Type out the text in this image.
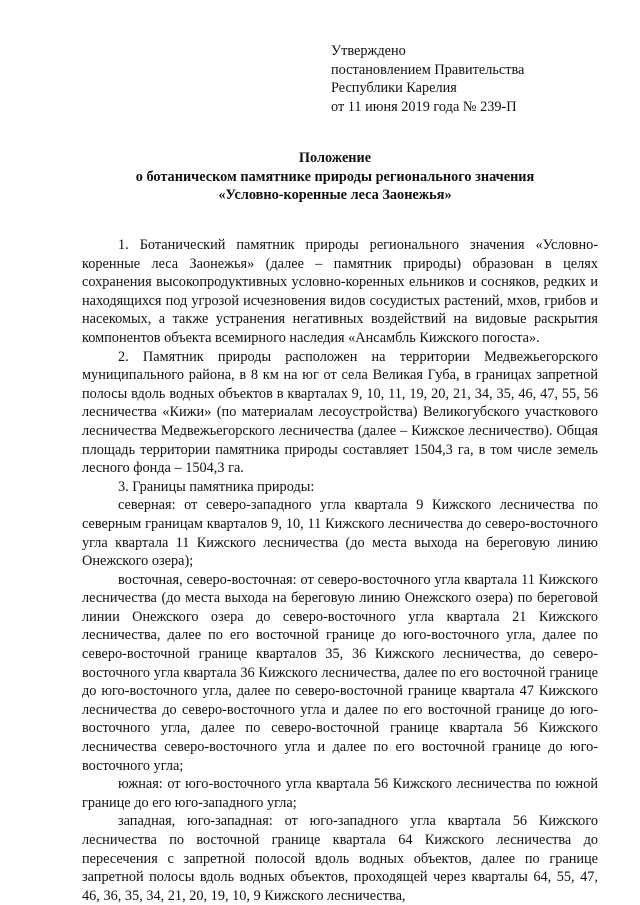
Утверждено
постановлением Правительства
Республики Карелия
от 11 июня 2019 года № 239-П
Положение
о ботаническом памятнике природы регионального значения
«Условно-коренные леса Заонежья»

1. Ботанический памятник природы регионального значения «Условно-коренные леса Заонежья» (далее – памятник природы) образован в целях сохранения высокопродуктивных условно-коренных ельников и сосняков, редких и находящихся под угрозой исчезновения видов сосудистых растений, мхов, грибов и насекомых, а также устранения негативных воздействий на видовые раскрытия компонентов объекта всемирного наследия «Ансамбль Кижского погоста».

2. Памятник природы расположен на территории Медвежьегорского муниципального района, в 8 км на юг от села Великая Губа, в границах запретной полосы вдоль водных объектов в кварталах 9, 10, 11, 19, 20, 21, 34, 35, 46, 47, 55, 56 лесничества «Кижи» (по материалам лесоустройства) Великогубского участкового лесничества Медвежьегорского лесничества (далее – Кижское лесничество). Общая площадь территории памятника природы составляет 1504,3 га, в том числе земель лесного фонда – 1504,3 га.

3. Границы памятника природы:

северная: от северо-западного угла квартала 9 Кижского лесничества по северным границам кварталов 9, 10, 11 Кижского лесничества до северо-восточного угла квартала 11 Кижского лесничества (до места выхода на береговую линию Онежского озера);

восточная, северо-восточная: от северо-восточного угла квартала 11 Кижского лесничества (до места выхода на береговую линию Онежского озера) по береговой линии Онежского озера до северо-восточного угла квартала 21 Кижского лесничества, далее по его восточной границе до юго-восточного угла, далее по северо-восточной границе кварталов 35, 36 Кижского лесничества, до северо-восточного угла квартала 36 Кижского лесничества, далее по его восточной границе до юго-восточного угла, далее по северо-восточной границе квартала 47 Кижского лесничества до северо-восточного угла и далее по его восточной границе до юго-восточного угла, далее по северо-восточной границе квартала 56 Кижского лесничества северо-восточного угла и далее по его восточной границе до юго-восточного угла;

южная: от юго-восточного угла квартала 56 Кижского лесничества по южной границе до его юго-западного угла;

западная, юго-западная: от юго-западного угла квартала 56 Кижского лесничества по восточной границе квартала 64 Кижского лесничества до пересечения с запретной полосой вдоль водных объектов, далее по границе запретной полосы вдоль водных объектов, проходящей через кварталы 64, 55, 47, 46, 36, 35, 34, 21, 20, 19, 10, 9 Кижского лесничества,
